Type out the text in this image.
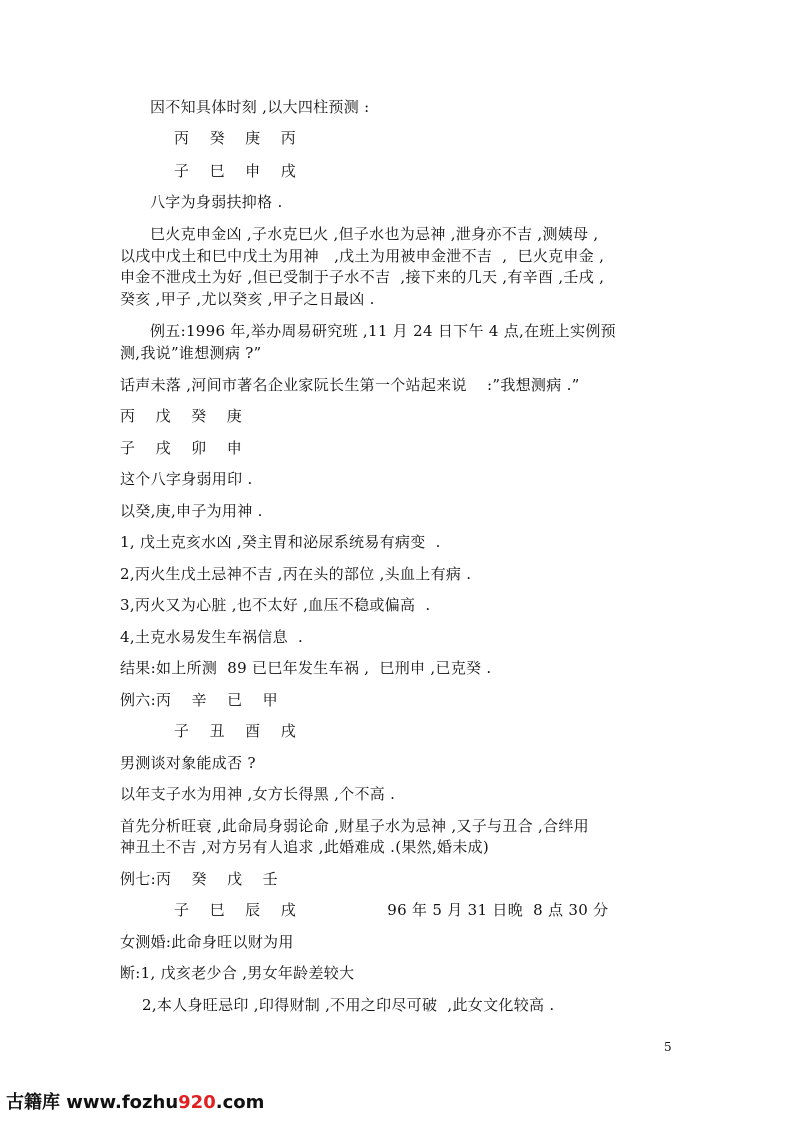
因不知具体时刻 ,以大四柱预测 :
丙    癸    庚    丙
子    巳    申    戌
八字为身弱扶抑格 .
巳火克申金凶 ,子水克巳火 ,但子水也为忌神 ,泄身亦不吉 ,测姨母 ,
以戌中戊土和巳中戊土为用神   ,戊土为用被申金泄不吉  ,  巳火克申金 ,
申金不泄戌土为好 ,但已受制于子水不吉  ,接下来的几天 ,有辛酉 ,壬戌 ,
癸亥 ,甲子 ,尤以癸亥 ,甲子之日最凶 .
例五:1996 年,举办周易研究班 ,11 月 24 日下午 4 点,在班上实例预
测,我说”谁想测病 ?”
话声未落 ,河间市著名企业家阮长生第一个站起来说    :”我想测病 .”
丙    戊    癸    庚
子    戌    卯    申
这个八字身弱用印 .
以癸,庚,申子为用神 .
1, 戊土克亥水凶 ,癸主胃和泌尿系统易有病变  .
2,丙火生戊土忌神不吉 ,丙在头的部位 ,头血上有病 .
3,丙火又为心脏 ,也不太好 ,血压不稳或偏高  .
4,土克水易发生车祸信息  .
结果:如上所测  89 已巳年发生车祸 ,  巳刑申 ,已克癸 .
例六:丙    辛    已    甲
子    丑    酉    戌
男测谈对象能成否 ?
以年支子水为用神 ,女方长得黑 ,个不高 .
首先分析旺衰 ,此命局身弱论命 ,财星子水为忌神 ,又子与丑合 ,合绊用
神丑土不吉 ,对方另有人追求 ,此婚难成 .(果然,婚未成)
例七:丙    癸    戊    壬
子    巳    辰    戌                  96 年 5 月 31 日晚  8 点 30 分
女测婚:此命身旺以财为用
断:1, 戊亥老少合 ,男女年龄差较大
2,本人身旺忌印 ,印得财制 ,不用之印尽可破  ,此女文化较高 .
5
古籍库 www.fozhu920.com
